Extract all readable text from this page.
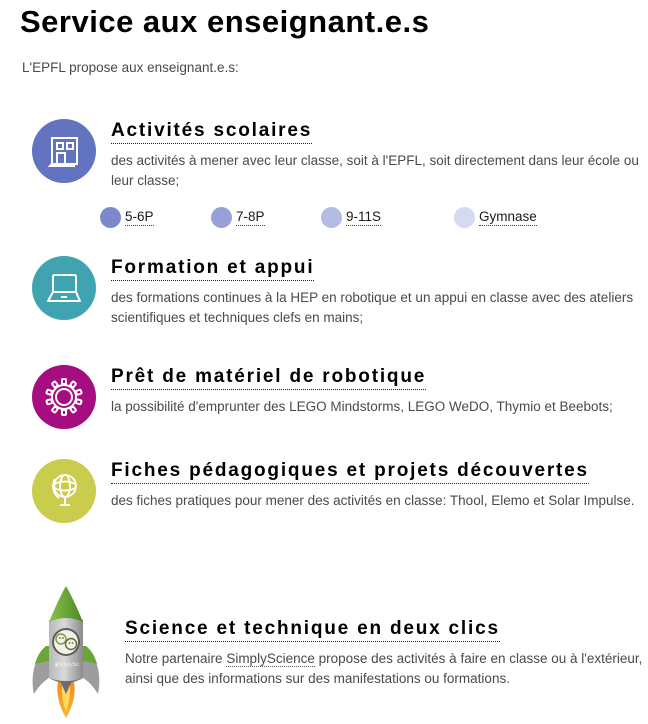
Service aux enseignant.e.s

L'EPFL propose aux enseignant.e.s:

Activités scolaires

des activités à mener avec leur classe, soit à l'EPFL, soit directement dans leur école ou leur classe;

5-6P	7-8P	9-11S	Gymnase
Formation et appui

des formations continues à la HEP en robotique et un appui en classe avec des ateliers scientifiques et techniques clefs en mains;

Prêt de matériel de robotique

la possibilité d'emprunter des LEGO Mindstorms, LEGO WeDO, Thymio et Beebots;

Fiches pédagogiques et projets découvertes

des fiches pratiques pour mener des activités en classe: Thool, Elemo et Solar Impulse.

▮SimplySc.
Science et technique en deux clics

Notre partenaire SimplyScience propose des activités à faire en classe ou à l'extérieur, ainsi que des informations sur des manifestations ou formations.
